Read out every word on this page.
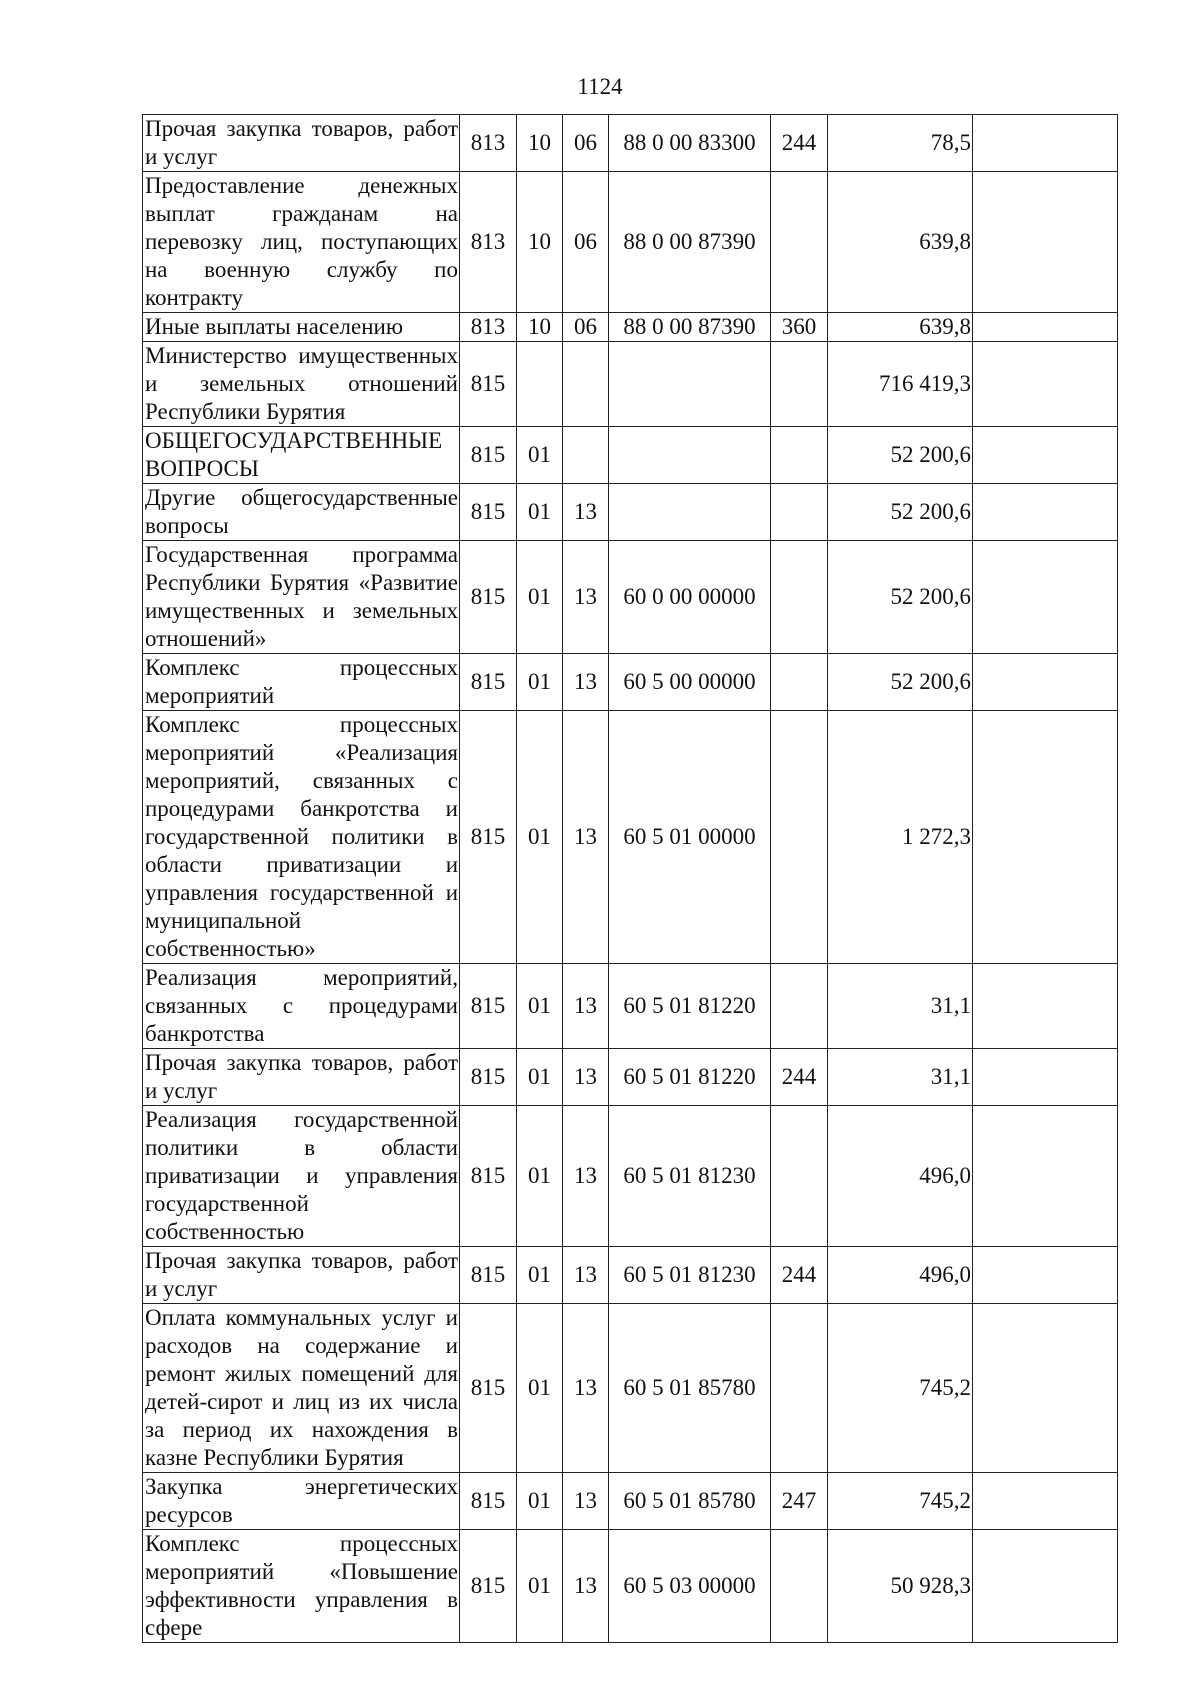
1124
Прочая закупка товаров, работ и услуг	813	10	06	88 0 00 83300	244	78,5	
Предоставление денежных выплат гражданам на перевозку лиц, поступающих на военную службу по контракту	813	10	06	88 0 00 87390		639,8	
Иные выплаты населению	813	10	06	88 0 00 87390	360	639,8	
Министерство имущественных и земельных отношений Республики Бурятия	815					716 419,3	
ОБЩЕГОСУДАРСТВЕННЫЕ ВОПРОСЫ	815	01				52 200,6	
Другие общегосударственные вопросы	815	01	13			52 200,6	
Государственная программа Республики Бурятия «Развитие имущественных и земельных отношений»	815	01	13	60 0 00 00000		52 200,6	
Комплекс процессных мероприятий	815	01	13	60 5 00 00000		52 200,6	
Комплекс процессных мероприятий «Реализация мероприятий, связанных с процедурами банкротства и государственной политики в области приватизации и управления государственной и муниципальной собственностью»	815	01	13	60 5 01 00000		1 272,3	
Реализация мероприятий, связанных с процедурами банкротства	815	01	13	60 5 01 81220		31,1	
Прочая закупка товаров, работ и услуг	815	01	13	60 5 01 81220	244	31,1	
Реализация государственной политики в области приватизации и управления государственной собственностью	815	01	13	60 5 01 81230		496,0	
Прочая закупка товаров, работ и услуг	815	01	13	60 5 01 81230	244	496,0	
Оплата коммунальных услуг и расходов на содержание и ремонт жилых помещений для детей-сирот и лиц из их числа за период их нахождения в казне Республики Бурятия	815	01	13	60 5 01 85780		745,2	
Закупка энергетических ресурсов	815	01	13	60 5 01 85780	247	745,2	
Комплекс процессных мероприятий «Повышение эффективности управления в сфере	815	01	13	60 5 03 00000		50 928,3	
